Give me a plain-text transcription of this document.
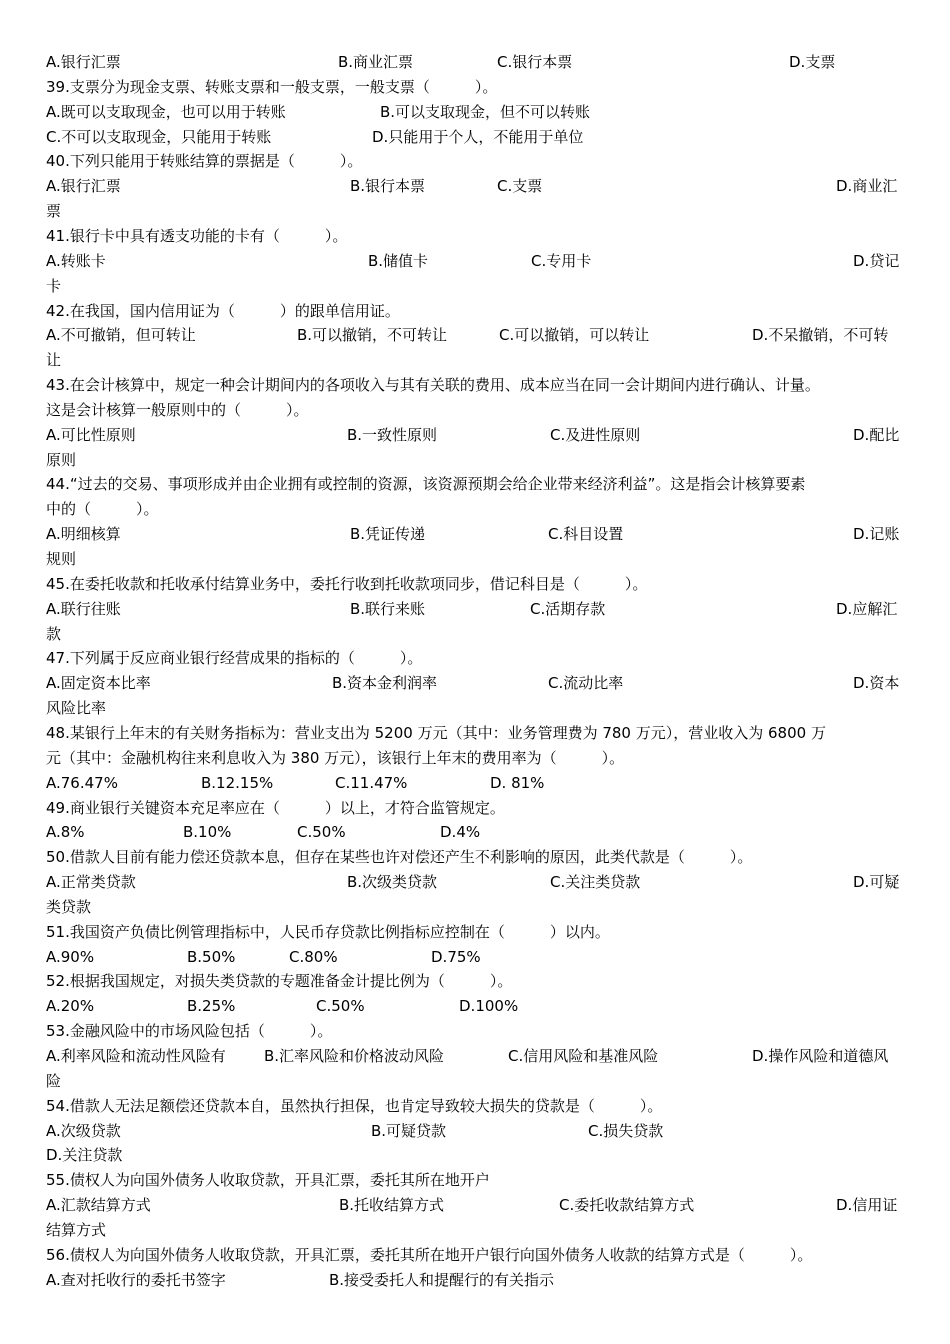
A.银行汇票	B.商业汇票	C.银行本票	D.支票
39.支票分为现金支票、转账支票和一般支票，一般支票（　　　）。
A.既可以支取现金，也可以用于转账	B.可以支取现金，但不可以转账
C.不可以支取现金，只能用于转账	D.只能用于个人，不能用于单位
40.下列只能用于转账结算的票据是（　　　）。
A.银行汇票	B.银行本票	C.支票	D.商业汇
票
41.银行卡中具有透支功能的卡有（　　　）。
A.转账卡	B.储值卡	C.专用卡	D.贷记
卡
42.在我国，国内信用证为（　　　）的跟单信用证。
A.不可撤销，但可转让	B.可以撤销，不可转让	C.可以撤销，可以转让	D.不呆撤销，不可转
让
43.在会计核算中，规定一种会计期间内的各项收入与其有关联的费用、成本应当在同一会计期间内进行确认、计量。
这是会计核算一般原则中的（　　　）。
A.可比性原则	B.一致性原则	C.及进性原则	D.配比
原则
44.“过去的交易、事项形成并由企业拥有或控制的资源，该资源预期会给企业带来经济利益”。这是指会计核算要素
中的（　　　）。
A.明细核算	B.凭证传递	C.科目设置	D.记账
规则
45.在委托收款和托收承付结算业务中，委托行收到托收款项同步，借记科目是（　　　）。
A.联行往账	B.联行来账	C.活期存款	D.应解汇
款
47.下列属于反应商业银行经营成果的指标的（　　　）。
A.固定资本比率	B.资本金利润率	C.流动比率	D.资本
风险比率
48.某银行上年末的有关财务指标为：营业支出为 5200 万元（其中：业务管理费为 780 万元），营业收入为 6800 万
元（其中：金融机构往来利息收入为 380 万元），该银行上年末的费用率为（　　　）。
A.76.47%	B.12.15%	C.11.47%	D. 81%
49.商业银行关键资本充足率应在（　　　）以上，才符合监管规定。
A.8%	B.10%	C.50%	D.4%
50.借款人目前有能力偿还贷款本息，但存在某些也许对偿还产生不利影响的原因，此类代款是（　　　）。
A.正常类贷款	B.次级类贷款	C.关注类贷款	D.可疑
类贷款
51.我国资产负债比例管理指标中，人民币存贷款比例指标应控制在（　　　）以内。
A.90%	B.50%	C.80%	D.75%
52.根据我国规定，对损失类贷款的专题准备金计提比例为（　　　）。
A.20%	B.25%	C.50%	D.100%
53.金融风险中的市场风险包括（　　　）。
A.利率风险和流动性风险有	B.汇率风险和价格波动风险	C.信用风险和基准风险	D.操作风险和道德风
险
54.借款人无法足额偿还贷款本自，虽然执行担保，也肯定导致较大损失的贷款是（　　　）。
A.次级贷款	B.可疑贷款	C.损失贷款
D.关注贷款
55.债权人为向国外债务人收取贷款，开具汇票，委托其所在地开户
A.汇款结算方式	B.托收结算方式	C.委托收款结算方式	D.信用证
结算方式
56.债权人为向国外债务人收取贷款，开具汇票，委托其所在地开户银行向国外债务人收款的结算方式是（　　　）。
A.查对托收行的委托书签字	B.接受委托人和提醒行的有关指示
